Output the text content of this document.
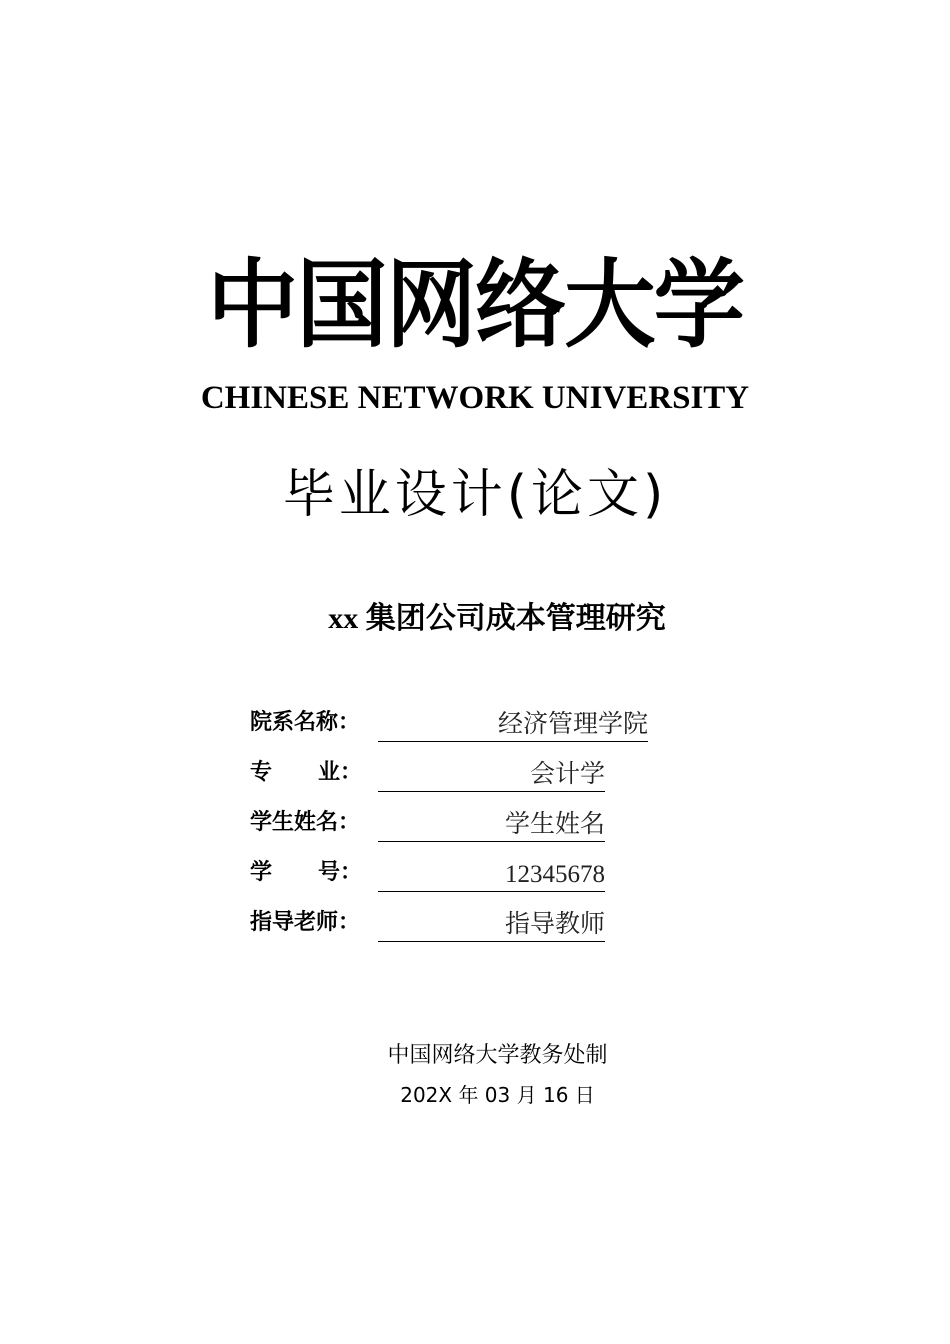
中国网络大学
CHINESE NETWORK UNIVERSITY
毕业设计(论文)
xx 集团公司成本管理研究
院系名称：	经济管理学院
专      业：	会计学
学生姓名：	学生姓名
学      号：	12345678
指导老师：	指导教师
中国网络大学教务处制
202X 年 03 月 16 日
